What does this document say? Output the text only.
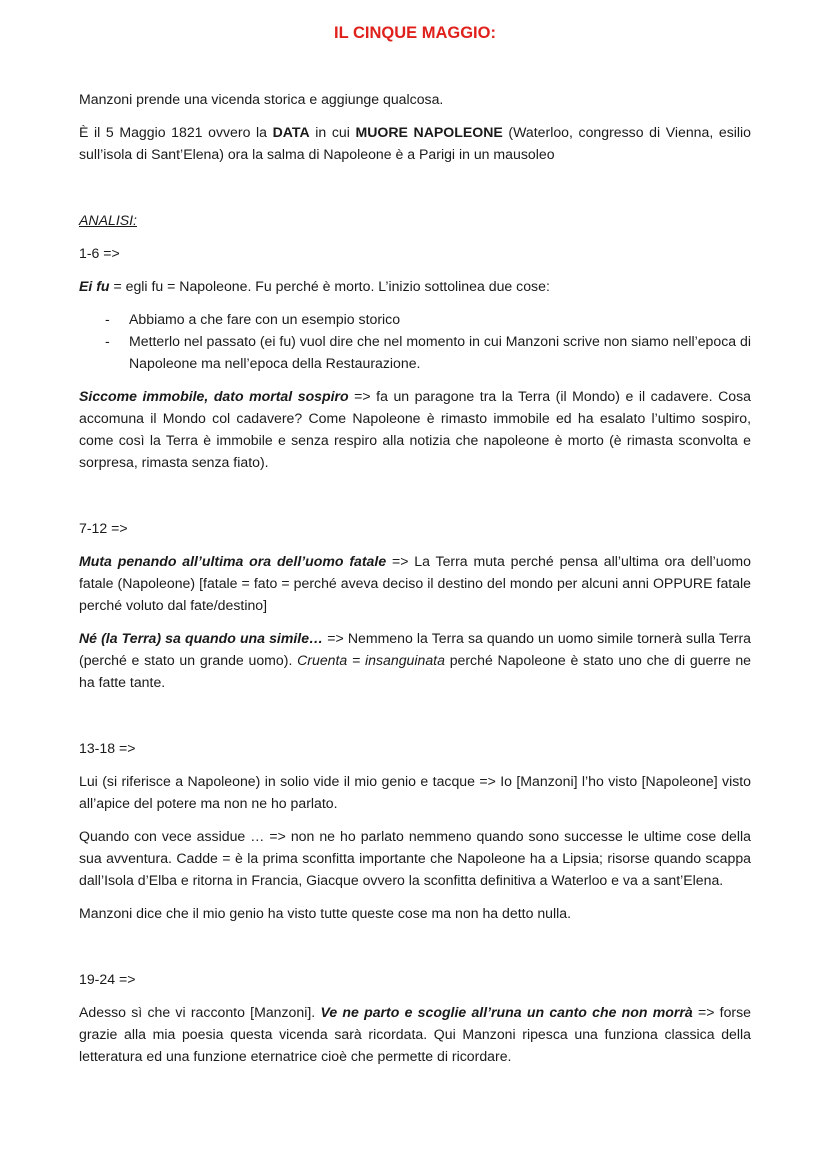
IL CINQUE MAGGIO:

Manzoni prende una vicenda storica e aggiunge qualcosa.

È il 5 Maggio 1821 ovvero la DATA in cui MUORE NAPOLEONE (Waterloo, congresso di Vienna, esilio sull’isola di Sant’Elena) ora la salma di Napoleone è a Parigi in un mausoleo

ANALISI:

1-6 =>

Ei fu = egli fu = Napoleone. Fu perché è morto. L’inizio sottolinea due cose:

- Abbiamo a che fare con un esempio storico
- Metterlo nel passato (ei fu) vuol dire che nel momento in cui Manzoni scrive non siamo nell’epoca di Napoleone ma nell’epoca della Restaurazione.

Siccome immobile, dato mortal sospiro => fa un paragone tra la Terra (il Mondo) e il cadavere. Cosa accomuna il Mondo col cadavere? Come Napoleone è rimasto immobile ed ha esalato l’ultimo sospiro, come così la Terra è immobile e senza respiro alla notizia che napoleone è morto (è rimasta sconvolta e sorpresa, rimasta senza fiato).

7-12 =>

Muta penando all’ultima ora dell’uomo fatale => La Terra muta perché pensa all’ultima ora dell’uomo fatale (Napoleone) [fatale = fato = perché aveva deciso il destino del mondo per alcuni anni OPPURE fatale perché voluto dal fate/destino]

Né (la Terra) sa quando una simile… => Nemmeno la Terra sa quando un uomo simile tornerà sulla Terra (perché e stato un grande uomo). Cruenta = insanguinata perché Napoleone è stato uno che di guerre ne ha fatte tante.

13-18 =>

Lui (si riferisce a Napoleone) in solio vide il mio genio e tacque => Io [Manzoni] l’ho visto [Napoleone] visto all’apice del potere ma non ne ho parlato.

Quando con vece assidue … => non ne ho parlato nemmeno quando sono successe le ultime cose della sua avventura. Cadde = è la prima sconfitta importante che Napoleone ha a Lipsia; risorse quando scappa dall’Isola d’Elba e ritorna in Francia, Giacque ovvero la sconfitta definitiva a Waterloo e va a sant’Elena.

Manzoni dice che il mio genio ha visto tutte queste cose ma non ha detto nulla.

19-24 =>

Adesso sì che vi racconto [Manzoni]. Ve ne parto e scoglie all’runa un canto che non morrà => forse grazie alla mia poesia questa vicenda sarà ricordata. Qui Manzoni ripesca una funziona classica della letteratura ed una funzione eternatrice cioè che permette di ricordare.
